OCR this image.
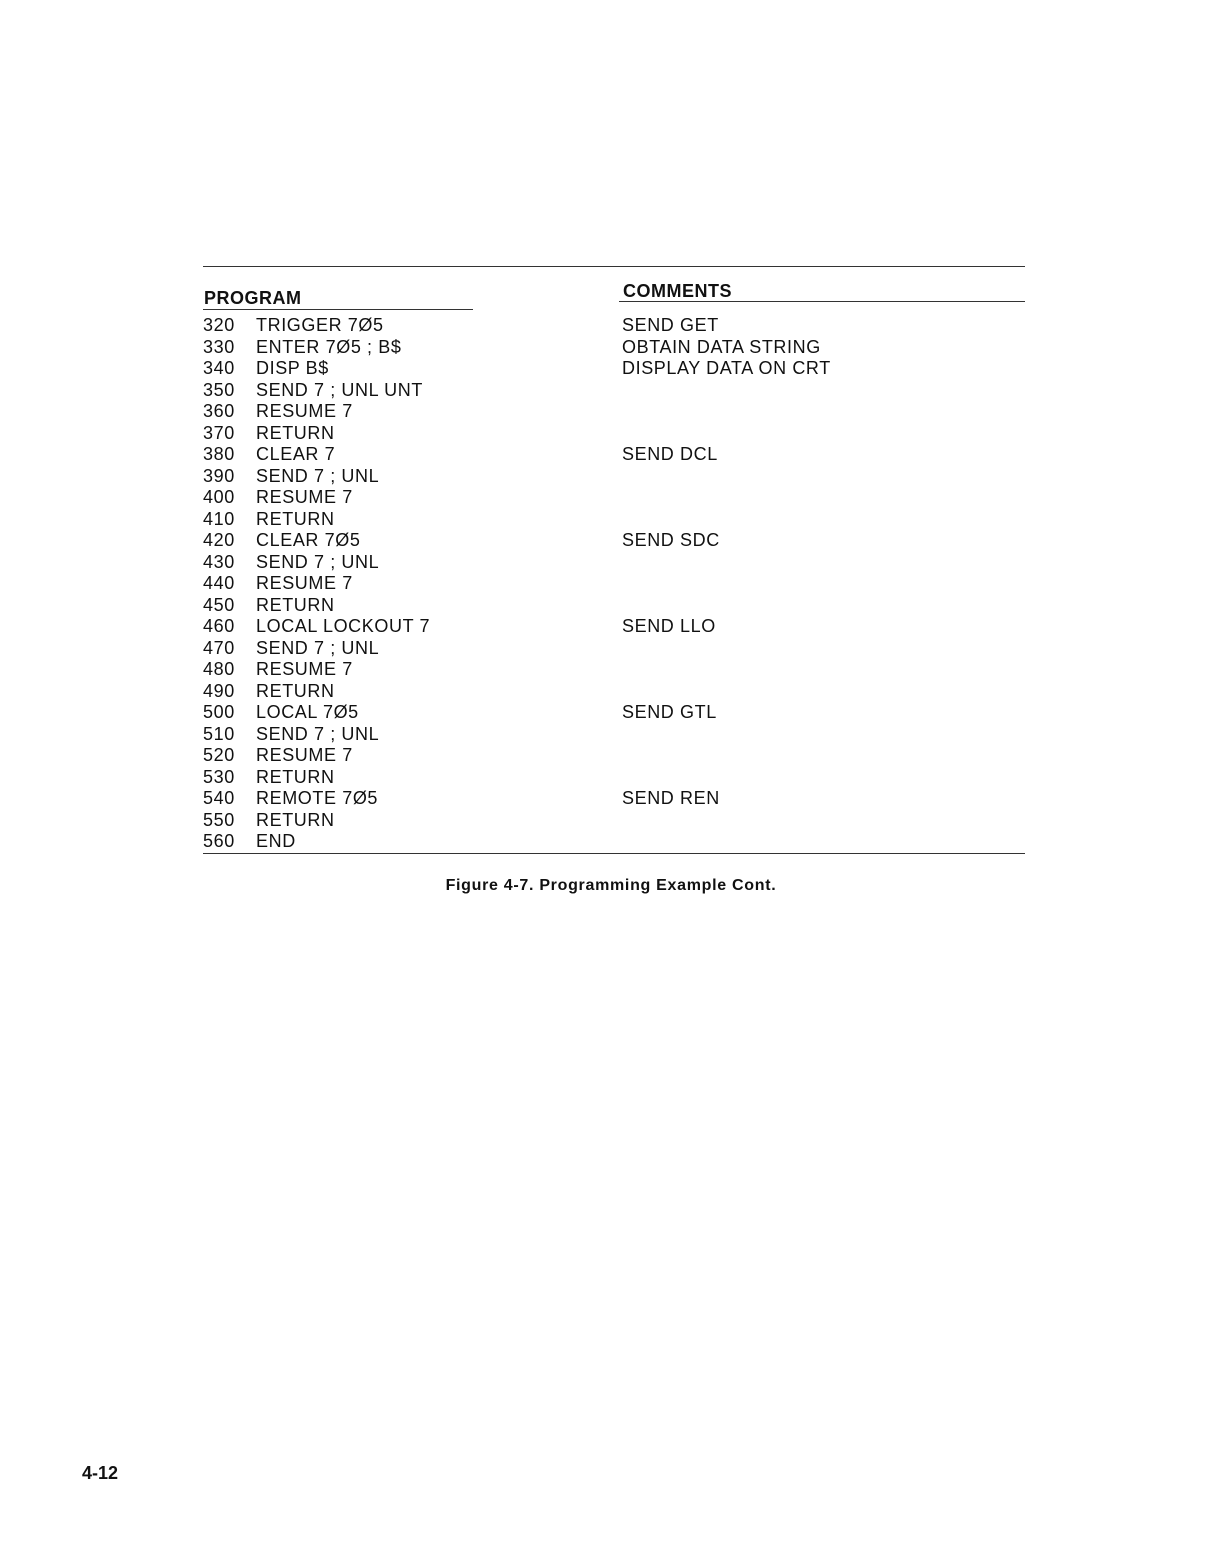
PROGRAM	COMMENTS
320 TRIGGER 7Ø5	SEND GET
330 ENTER 7Ø5 ; B$	OBTAIN DATA STRING
340 DISP B$	DISPLAY DATA ON CRT
350 SEND 7 ; UNL UNT
360 RESUME 7
370 RETURN
380 CLEAR 7	SEND DCL
390 SEND 7 ; UNL
400 RESUME 7
410 RETURN
420 CLEAR 7Ø5	SEND SDC
430 SEND 7 ; UNL
440 RESUME 7
450 RETURN
460 LOCAL LOCKOUT 7	SEND LLO
470 SEND 7 ; UNL
480 RESUME 7
490 RETURN
500 LOCAL 7Ø5	SEND GTL
510 SEND 7 ; UNL
520 RESUME 7
530 RETURN
540 REMOTE 7Ø5	SEND REN
550 RETURN
560 END
Figure 4-7. Programming Example Cont.
4-12
